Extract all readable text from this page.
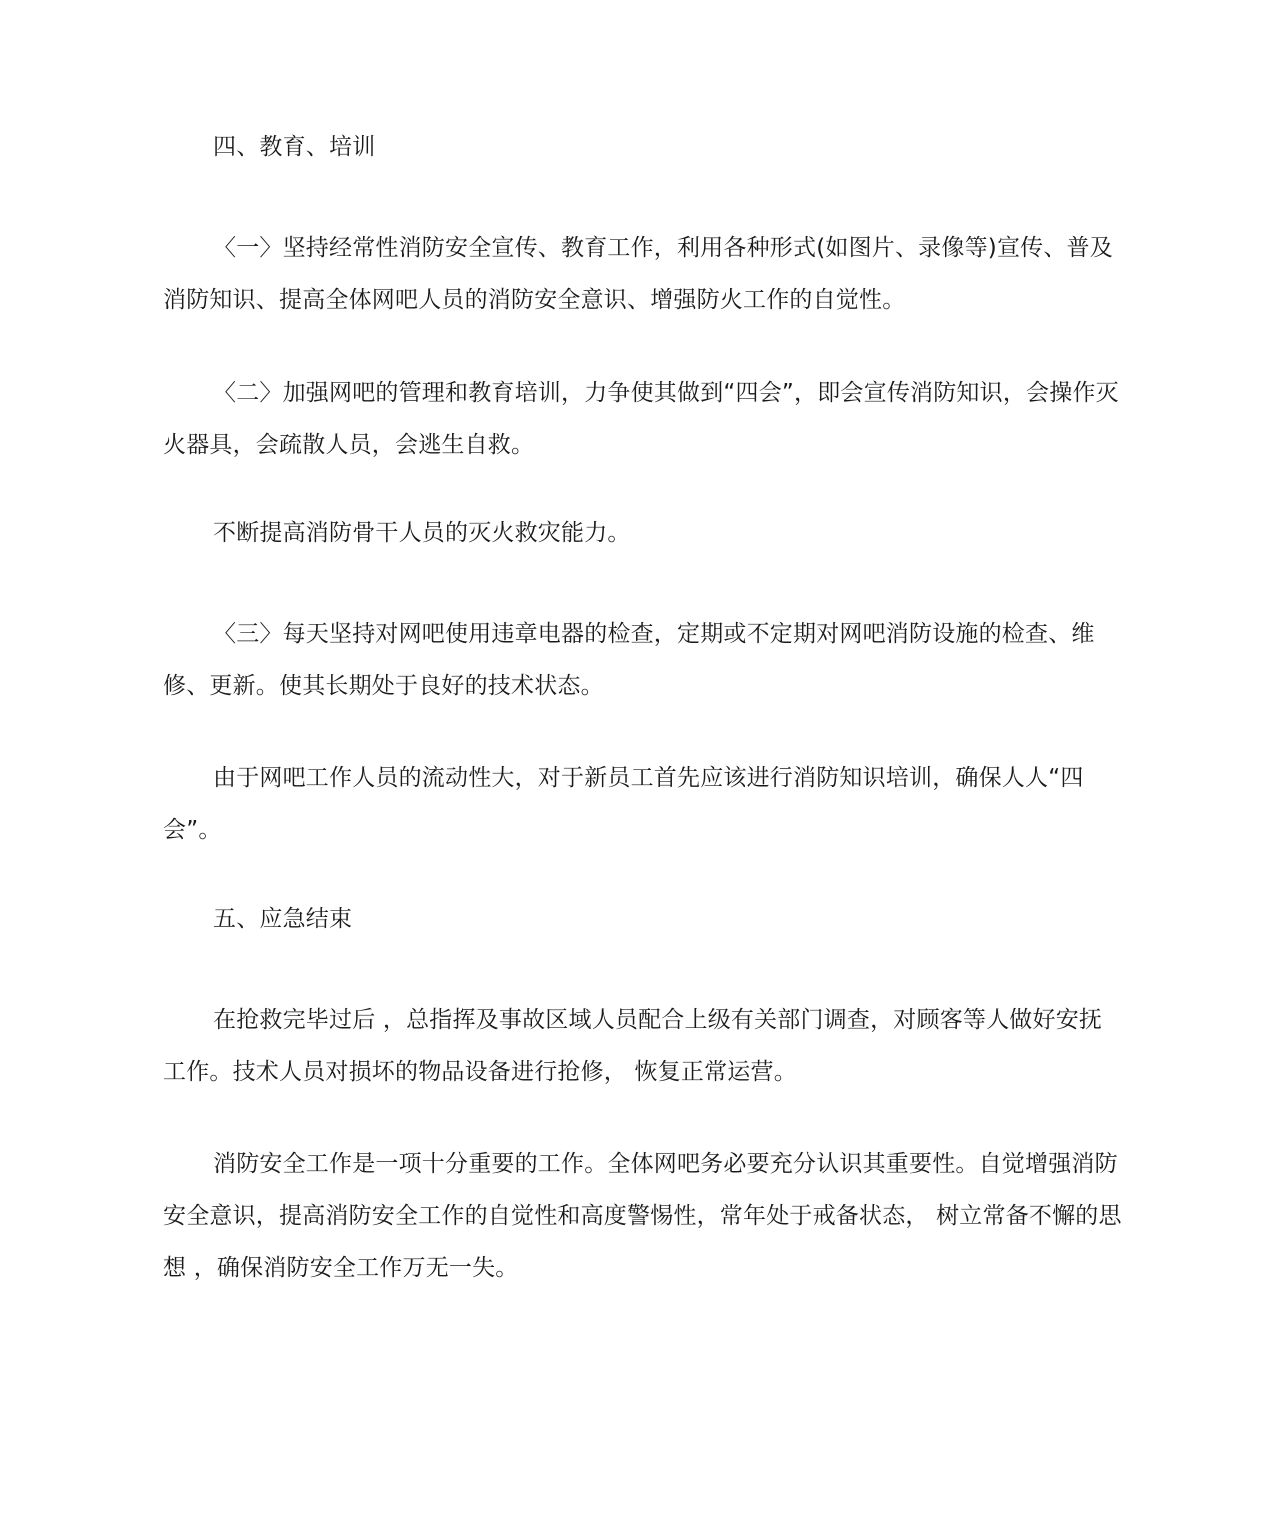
四、教育、培训

〈一〉坚持经常性消防安全宣传、教育工作，利用各种形式(如图片、录像等)宣传、普及消防知识、提高全体网吧人员的消防安全意识、增强防火工作的自觉性。

〈二〉加强网吧的管理和教育培训，力争使其做到“四会”，即会宣传消防知识，会操作灭火器具，会疏散人员，会逃生自救。

不断提高消防骨干人员的灭火救灾能力。

〈三〉每天坚持对网吧使用违章电器的检查，定期或不定期对网吧消防设施的检查、维修、更新。使其长期处于良好的技术状态。

由于网吧工作人员的流动性大，对于新员工首先应该进行消防知识培训，确保人人“四会”。

五、应急结束

在抢救完毕过后 ，总指挥及事故区域人员配合上级有关部门调查，对顾客等人做好安抚工作。技术人员对损坏的物品设备进行抢修， 恢复正常运营。

消防安全工作是一项十分重要的工作。全体网吧务必要充分认识其重要性。自觉增强消防安全意识，提高消防安全工作的自觉性和高度警惕性，常年处于戒备状态， 树立常备不懈的思想 ，确保消防安全工作万无一失。
